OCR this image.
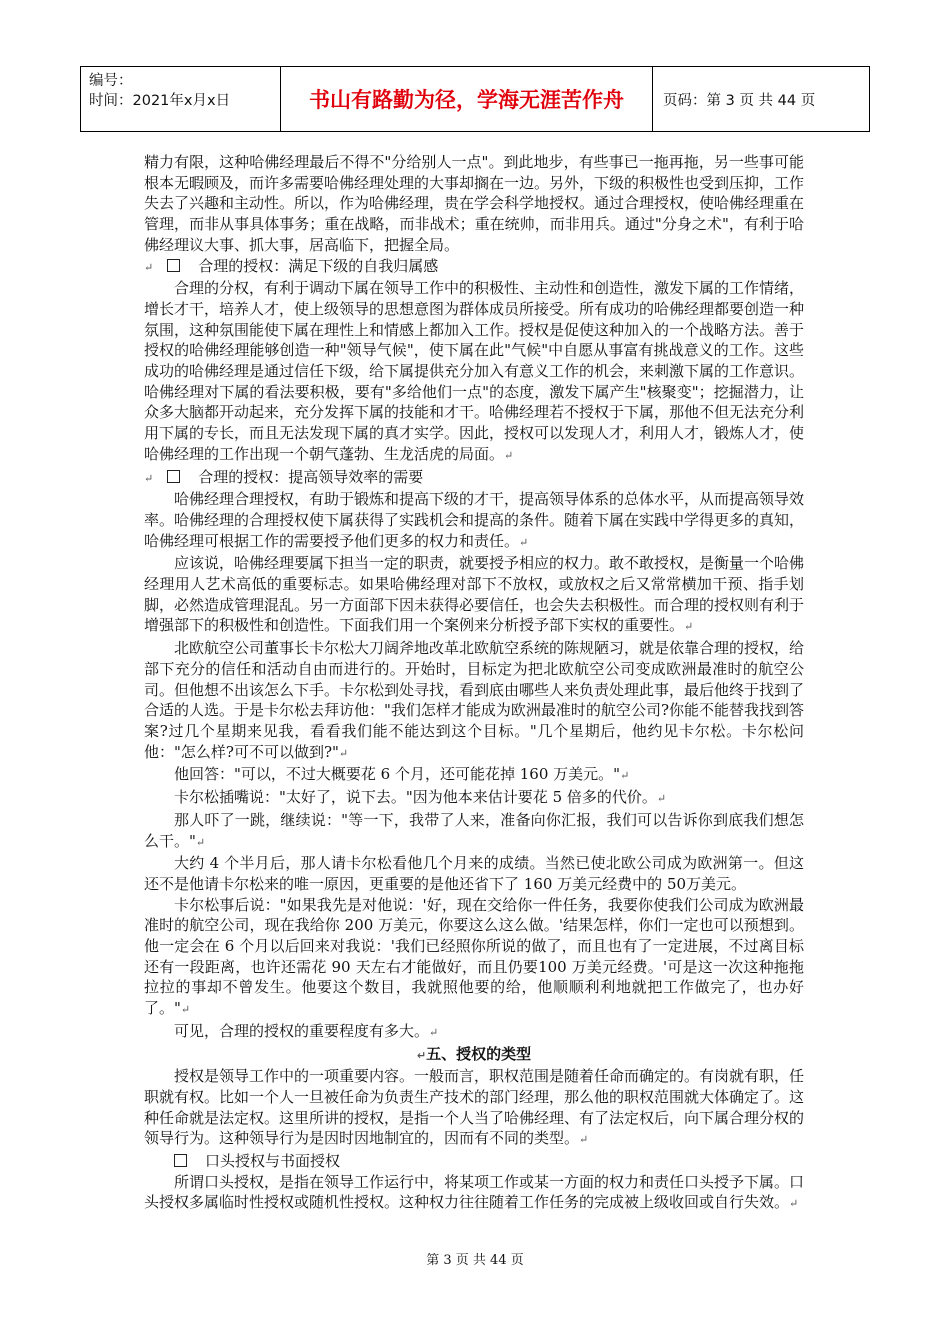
编号：
时间：2021年x月x日	书山有路勤为径，学海无涯苦作舟	页码：第 3 页 共 44 页

精力有限，这种哈佛经理最后不得不"分给别人一点"。到此地步，有些事已一拖再拖，另一些事可能根本无暇顾及，而许多需要哈佛经理处理的大事却搁在一边。另外，下级的积极性也受到压抑，工作失去了兴趣和主动性。所以，作为哈佛经理，贵在学会科学地授权。通过合理授权，使哈佛经理重在管理，而非从事具体事务；重在战略，而非战术；重在统帅，而非用兵。通过"分身之术"，有利于哈佛经理议大事、抓大事，居高临下，把握全局。

↵	合理的授权：满足下级的自我归属感

合理的分权，有利于调动下属在领导工作中的积极性、主动性和创造性，激发下属的工作情绪，增长才干，培养人才，使上级领导的思想意图为群体成员所接受。所有成功的哈佛经理都要创造一种氛围，这种氛围能使下属在理性上和情感上都加入工作。授权是促使这种加入的一个战略方法。善于授权的哈佛经理能够创造一种"领导气候"，使下属在此"气候"中自愿从事富有挑战意义的工作。这些成功的哈佛经理是通过信任下级，给下属提供充分加入有意义工作的机会，来刺激下属的工作意识。哈佛经理对下属的看法要积极，要有"多给他们一点"的态度，激发下属产生"核聚变"；挖掘潜力，让众多大脑都开动起来，充分发挥下属的技能和才干。哈佛经理若不授权于下属，那他不但无法充分利用下属的专长，而且无法发现下属的真才实学。因此，授权可以发现人才，利用人才，锻炼人才，使哈佛经理的工作出现一个朝气蓬勃、生龙活虎的局面。↵

↵	合理的授权：提高领导效率的需要

哈佛经理合理授权，有助于锻炼和提高下级的才干，提高领导体系的总体水平，从而提高领导效率。哈佛经理的合理授权使下属获得了实践机会和提高的条件。随着下属在实践中学得更多的真知，哈佛经理可根据工作的需要授予他们更多的权力和责任。↵

应该说，哈佛经理要属下担当一定的职责，就要授予相应的权力。敢不敢授权，是衡量一个哈佛经理用人艺术高低的重要标志。如果哈佛经理对部下不放权，或放权之后又常常横加干预、指手划脚，必然造成管理混乱。另一方面部下因未获得必要信任，也会失去积极性。而合理的授权则有利于增强部下的积极性和创造性。下面我们用一个案例来分析授予部下实权的重要性。↵

北欧航空公司董事长卡尔松大刀阔斧地改革北欧航空系统的陈规陋习，就是依靠合理的授权，给部下充分的信任和活动自由而进行的。开始时，目标定为把北欧航空公司变成欧洲最准时的航空公司。但他想不出该怎么下手。卡尔松到处寻找，看到底由哪些人来负责处理此事，最后他终于找到了合适的人选。于是卡尔松去拜访他："我们怎样才能成为欧洲最准时的航空公司?你能不能替我找到答案?过几个星期来见我，看看我们能不能达到这个目标。"几个星期后，他约见卡尔松。卡尔松问他："怎么样?可不可以做到?"↵

他回答："可以，不过大概要花 6 个月，还可能花掉 160 万美元。"↵

卡尔松插嘴说："太好了，说下去。"因为他本来估计要花 5 倍多的代价。↵

那人吓了一跳，继续说："等一下，我带了人来，准备向你汇报，我们可以告诉你到底我们想怎么干。"↵

大约 4 个半月后，那人请卡尔松看他几个月来的成绩。当然已使北欧公司成为欧洲第一。但这还不是他请卡尔松来的唯一原因，更重要的是他还省下了 160 万美元经费中的 50万美元。

卡尔松事后说："如果我先是对他说：'好，现在交给你一件任务，我要你使我们公司成为欧洲最准时的航空公司，现在我给你 200 万美元，你要这么这么做。'结果怎样，你们一定也可以预想到。他一定会在 6 个月以后回来对我说：'我们已经照你所说的做了，而且也有了一定进展，不过离目标还有一段距离，也许还需花 90 天左右才能做好，而且仍要100 万美元经费。'可是这一次这种拖拖拉拉的事却不曾发生。他要这个数目，我就照他要的给，他顺顺利利地就把工作做完了，也办好了。"↵

可见，合理的授权的重要程度有多大。↵

↵五、授权的类型

授权是领导工作中的一项重要内容。一般而言，职权范围是随着任命而确定的。有岗就有职，任职就有权。比如一个人一旦被任命为负责生产技术的部门经理，那么他的职权范围就大体确定了。这种任命就是法定权。这里所讲的授权，是指一个人当了哈佛经理、有了法定权后，向下属合理分权的领导行为。这种领导行为是因时因地制宜的，因而有不同的类型。↵

口头授权与书面授权

所谓口头授权，是指在领导工作运行中，将某项工作或某一方面的权力和责任口头授予下属。口头授权多属临时性授权或随机性授权。这种权力往往随着工作任务的完成被上级收回或自行失效。↵

第 3 页 共 44 页
